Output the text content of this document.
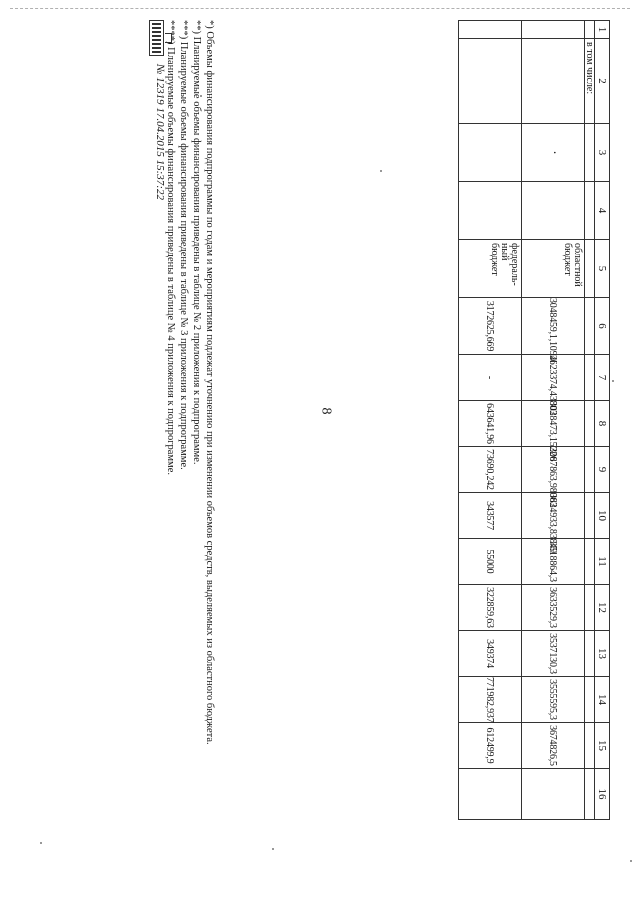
8
1	2	3	4	5	6	7	8	9	10	11	12	13	14	15	16
	в том числе:														
		·		областной бюджет	3048459,1,1094l	2623374,43803	3028473,15226	3087863,98063	3824933,83849	3518864,3	3633529,3	3537130,3	3555595,3	3674826,5	
				федераль-ный бюджет	3172625,669	-	643641,96	73690,242	343577	55000	322859,63	349374	771982,937	612499,9	
*) Объемы финансирования подпрограммы по годам и мероприятиям подлежат уточнению при изменении объемов средств, выделяемых из областного бюджета.
**) Планируемые объемы финансирования приведены в таблице № 2 приложения к подпрограмме.
***) Планируемые объемы финансирования приведены в таблице № 3 приложения к подпрограмме.
****) Планируемые объемы финансирования приведены в таблице № 4 приложения к подпрограмме.
№ 12319 17.04.2015 15:37:22
